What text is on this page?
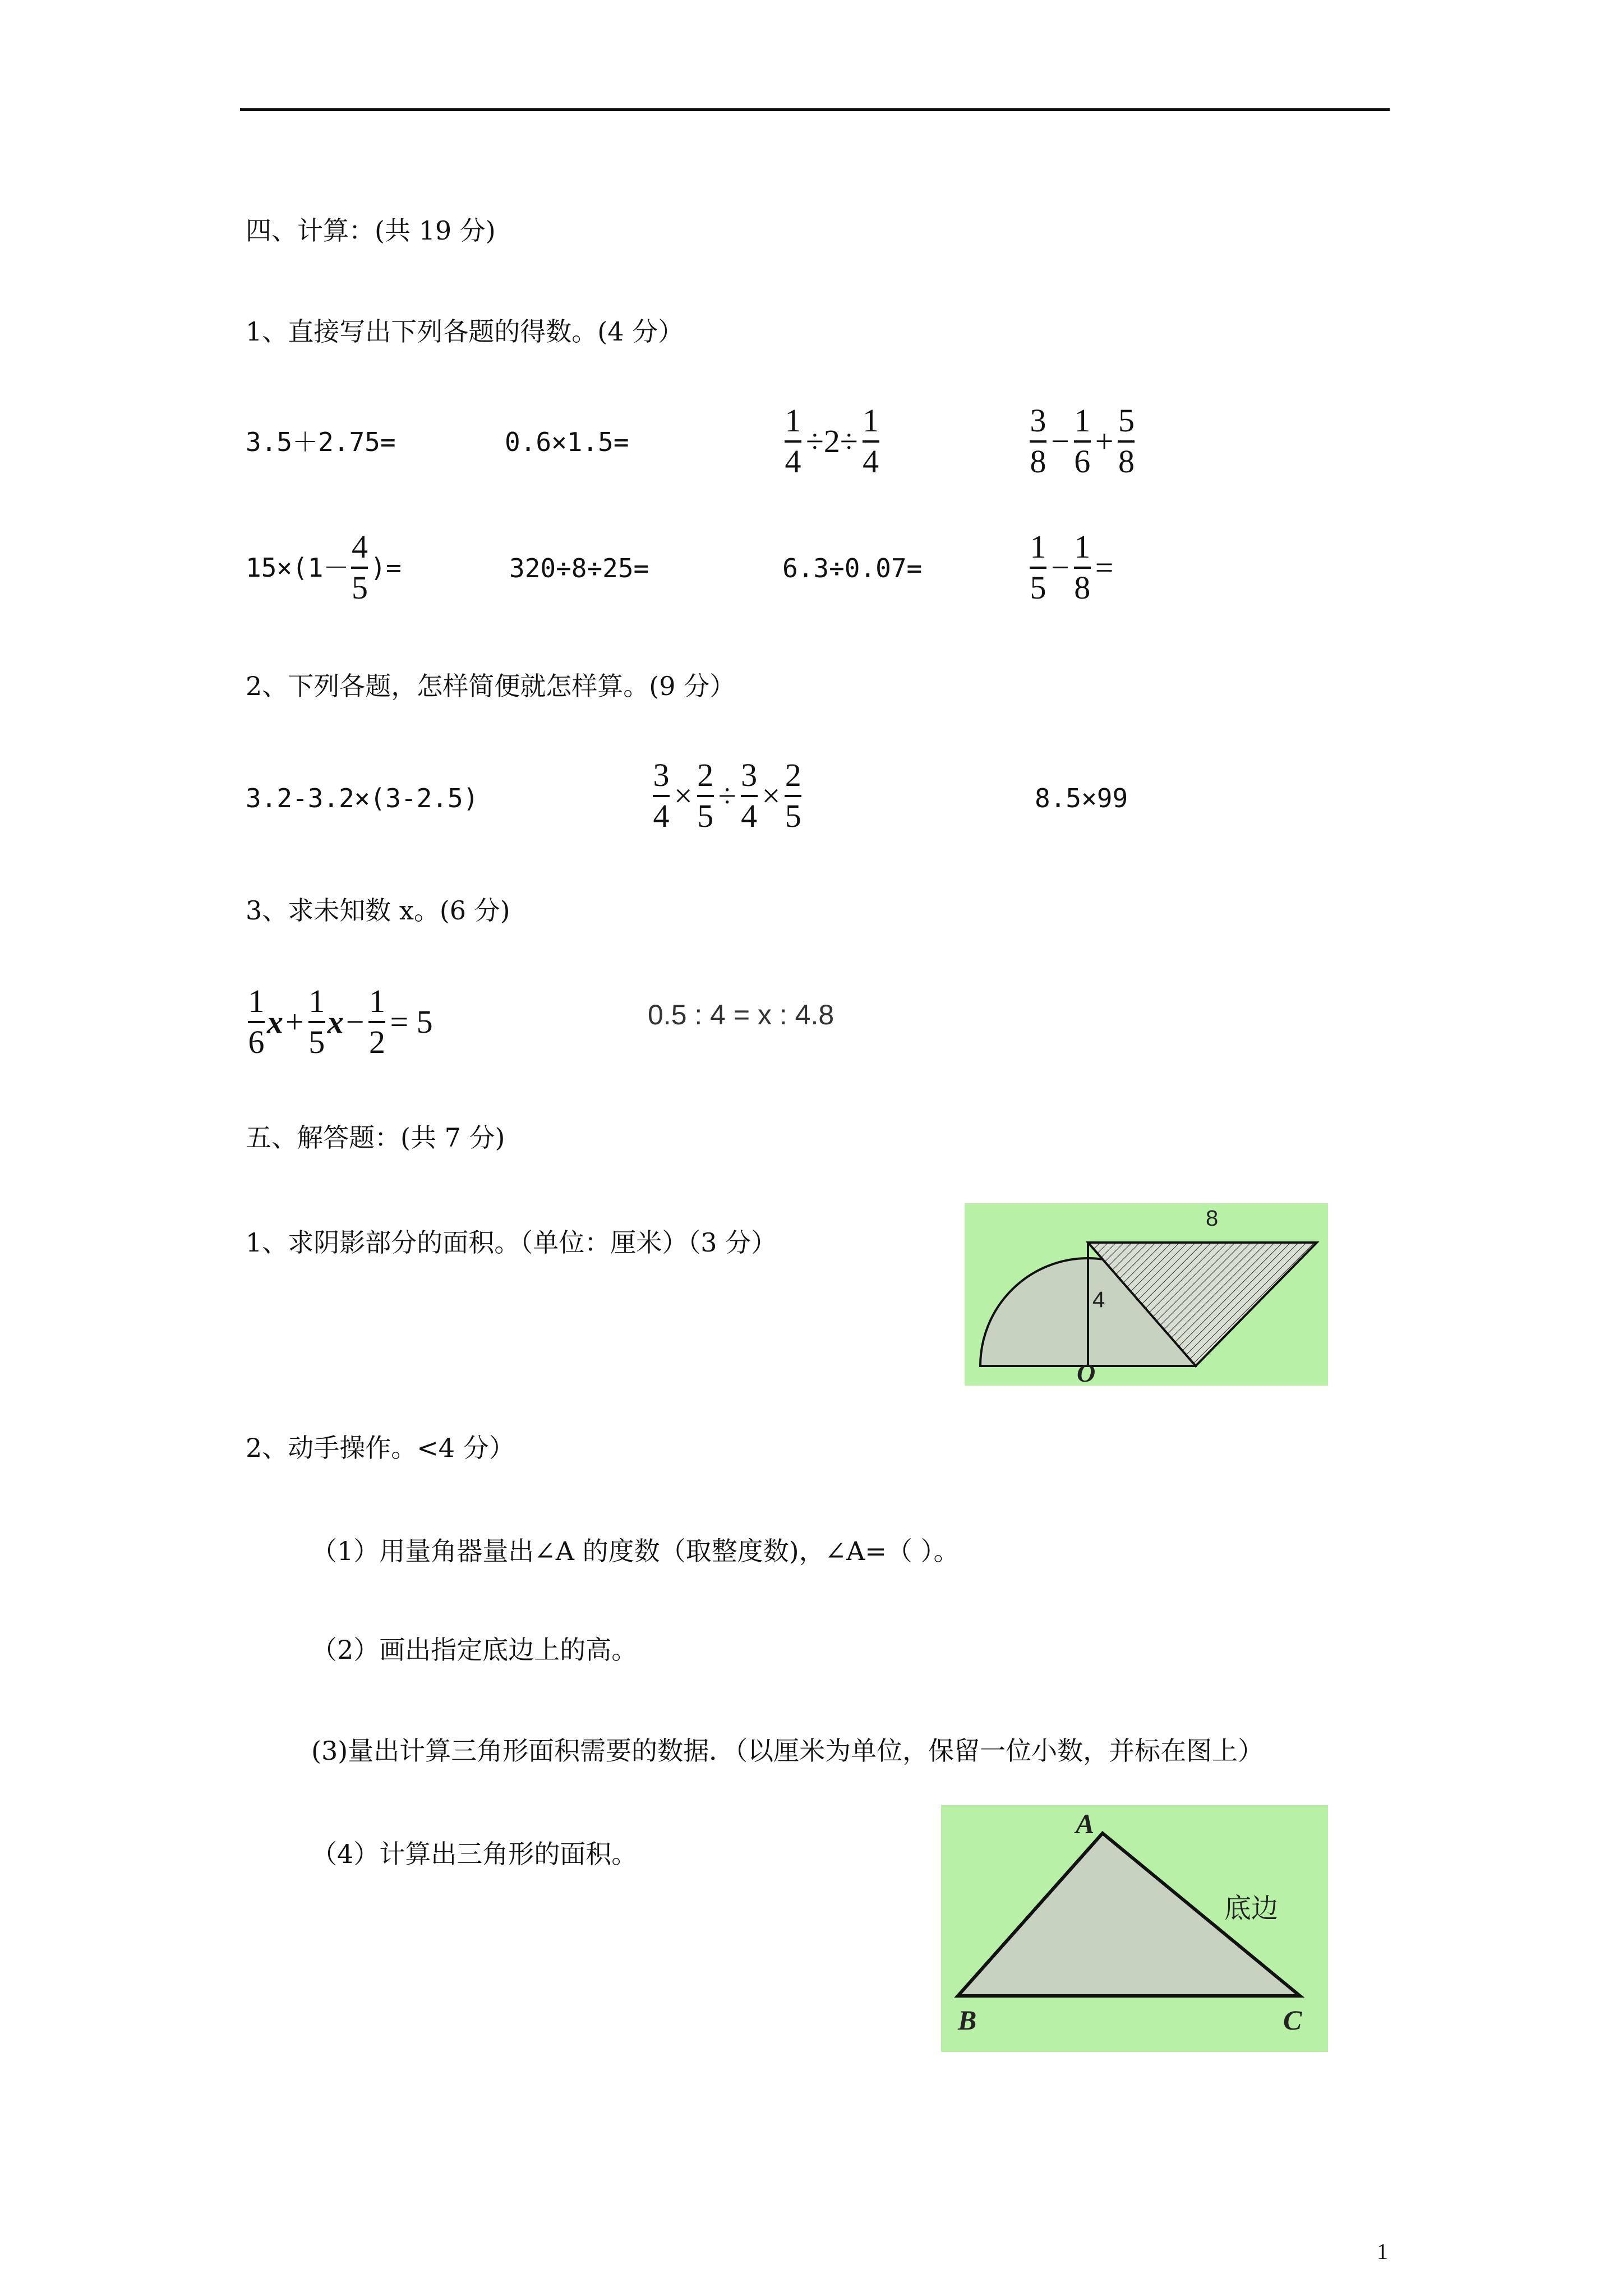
四、计算：(共 19 分)
1、直接写出下列各题的得数。(4 分）
3.5＋2.75=	0.6×1.5=	$\frac{1}{4} \div 2\div \frac{1}{4}$	$\frac{3}{8} - \frac{1}{6} + \frac{5}{8}$
$15\times(1- \frac{4}{5}$ )=	320÷8÷25=	6.3÷0.07=	$\frac{1}{5} - \frac{1}{8}$ =
2、下列各题，怎样简便就怎样算。(9 分）
3.2-3.2×(3-2.5)	$\frac{3}{4} \times \frac{2}{5} \div \frac{3}{4} \times \frac{2}{5}$	8.5×99
3、求未知数 x。(6 分)
$\frac{1}{6} x+ \frac{1}{5} x- \frac{1}{2} = 5$	0.5 : 4 = x : 4.8
五、解答题：(共 7 分)
1、求阴影部分的面积。（单位：厘米）（3 分）
8
4
O
2、动手操作。<4 分）
（1）用量角器量出∠A 的度数（取整度数)，∠A=（ ）。
（2）画出指定底边上的高。
(3)量出计算三角形面积需要的数据．（以厘米为单位，保留一位小数，并标在图上）
（4）计算出三角形的面积。
A
B	C
底边
1
